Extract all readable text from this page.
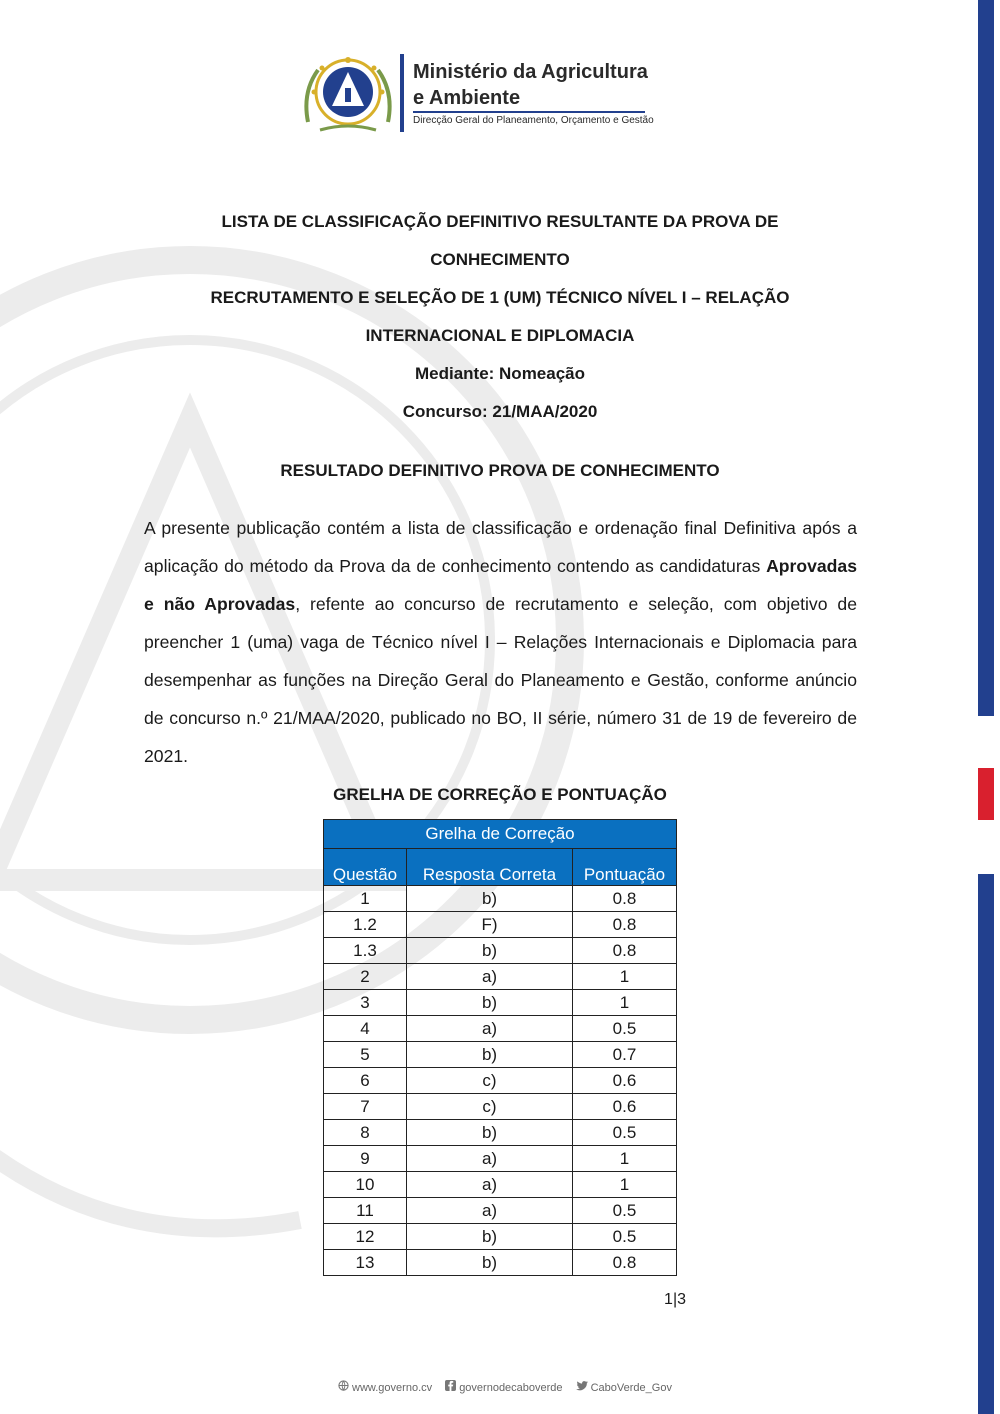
Ministério da Agricultura
e Ambiente
Direcção Geral do Planeamento, Orçamento e Gestão
LISTA DE CLASSIFICAÇÃO DEFINITIVO RESULTANTE DA PROVA DE
CONHECIMENTO
RECRUTAMENTO E SELEÇÃO DE 1 (UM) TÉCNICO NÍVEL I – RELAÇÃO
INTERNACIONAL E DIPLOMACIA
Mediante: Nomeação
Concurso: 21/MAA/2020
RESULTADO DEFINITIVO PROVA DE CONHECIMENTO
A presente publicação contém a lista de classificação e ordenação final Definitiva após a aplicação do método da Prova da de conhecimento contendo as candidaturas Aprovadas e não Aprovadas, refente ao concurso de recrutamento e seleção, com objetivo de preencher 1 (uma) vaga de Técnico nível I – Relações Internacionais e Diplomacia para desempenhar as funções na Direção Geral do Planeamento e Gestão, conforme anúncio de concurso n.º 21/MAA/2020, publicado no BO, II série, número 31 de 19 de fevereiro de 2021.
GRELHA DE CORREÇÃO E PONTUAÇÃO
Grelha de Correção		
Questão	Resposta Correta	Pontuação
1	b)	0.8
1.2	F)	0.8
1.3	b)	0.8
2	a)	1
3	b)	1
4	a)	0.5
5	b)	0.7
6	c)	0.6
7	c)	0.6
8	b)	0.5
9	a)	1
10	a)	1
11	a)	0.5
12	b)	0.5
13	b)	0.8
1|3
www.governo.cv governodecaboverde	CaboVerde_Gov
